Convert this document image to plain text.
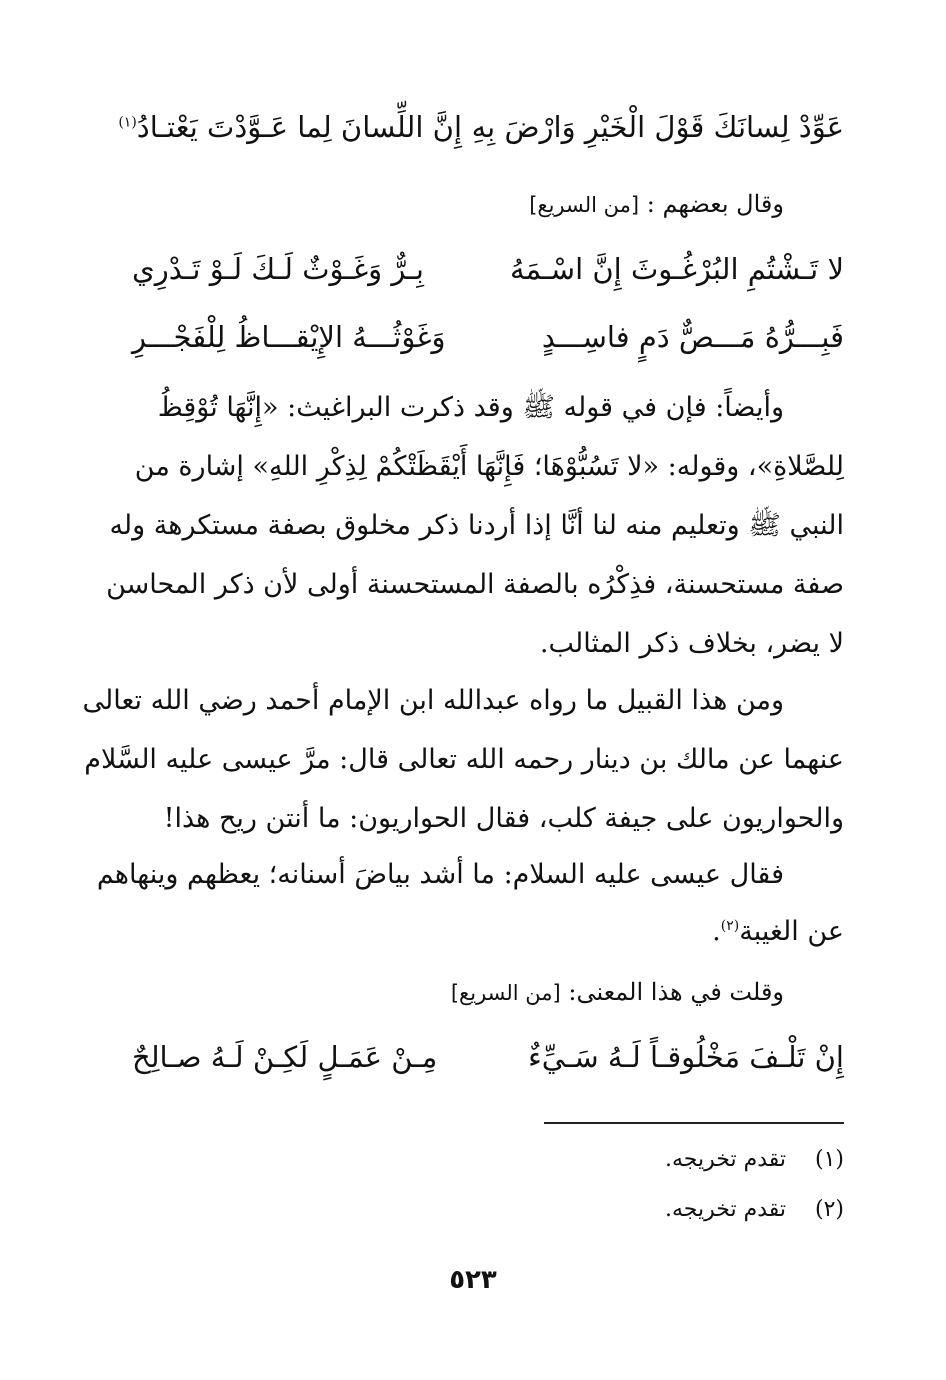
عَوِّدْ لِسانَكَ قَوْلَ الْخَيْرِ وَارْضَ بِهِ
إِنَّ اللِّسانَ لِما عَـوَّدْتَ يَعْتـادُ$^{(١)}$
وقال بعضهم : [من السريع]
لا تَـشْتُمِ البُرْغُـوثَ إِنَّ اسْـمَهُ
بِـرٌّ وَغَـوْثٌ لَـكَ لَـوْ تَـدْرِي
فَبِـــرُّهُ مَـــصٌّ دَمٍ فاسِـــدٍ
وَغَوْثُـــهُ الإِيْقـــاظُ لِلْفَجْـــرِ
وأيضاً: فإن في قوله ﷺ وقد ذكرت البراغيث: «إِنَّهَا تُوْقِظُ
لِلصَّلاةِ»، وقوله: «لا تَسُبُّوْهَا؛ فَإِنَّهَا أَيْقَظَتْكُمْ لِذِكْرِ اللهِ» إشارة من
النبي ﷺ وتعليم منه لنا أنَّا إذا أردنا ذكر مخلوق بصفة مستكرهة وله
صفة مستحسنة، فذِكْرُه بالصفة المستحسنة أولى لأن ذكر المحاسن
لا يضر، بخلاف ذكر المثالب.
ومن هذا القبيل ما رواه عبدالله ابن الإمام أحمد رضي الله تعالى
عنهما عن مالك بن دينار رحمه الله تعالى قال: مرَّ عيسى عليه السَّلام
والحواريون على جيفة كلب، فقال الحواريون: ما أنتن ريح هذا!
فقال عيسى عليه السلام: ما أشد بياضَ أسنانه؛ يعظهم وينهاهم
عن الغيبة$^{(٢)}$.
وقلت في هذا المعنى: [من السريع]
إِنْ تَلْـفَ مَخْلُوقـاً لَـهُ سَـيِّءٌ
مِـنْ عَمَـلٍ لَكِـنْ لَـهُ صـالِحٌ
(١)تقدم تخريجه.
(٢)تقدم تخريجه.
٥٢٣
